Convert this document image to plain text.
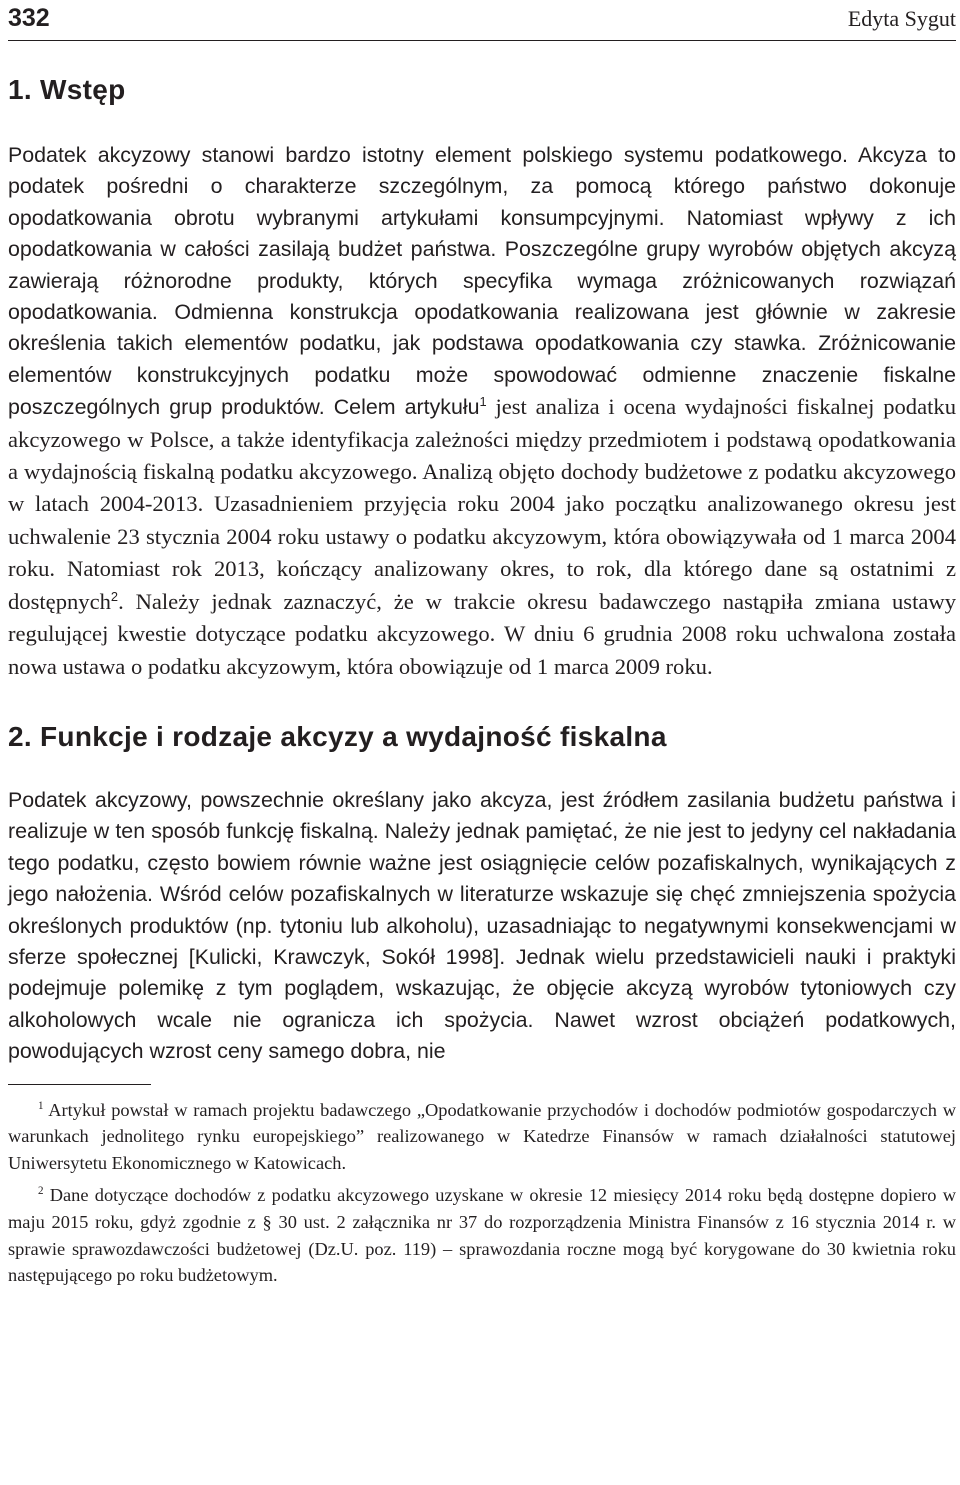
332	Edyta Sygut
1. Wstęp

Podatek akcyzowy stanowi bardzo istotny element polskiego systemu podatkowego. Akcyza to podatek pośredni o charakterze szczególnym, za pomocą którego państwo dokonuje opodatkowania obrotu wybranymi artykułami konsumpcyjnymi. Natomiast wpływy z ich opodatkowania w całości zasilają budżet państwa. Poszczególne grupy wyrobów objętych akcyzą zawierają różnorodne produkty, których specyfika wymaga zróżnicowanych rozwiązań opodatkowania. Odmienna konstrukcja opodatkowania realizowana jest głównie w zakresie określenia takich elementów podatku, jak podstawa opodatkowania czy stawka. Zróżnicowanie elementów konstrukcyjnych podatku może spowodować odmienne znaczenie fiskalne poszczególnych grup produktów. Celem artykułu$^1$ jest analiza i ocena wydajności fiskalnej podatku akcyzowego w Polsce, a także identyfikacja zależności między przedmiotem i podstawą opodatkowania a wydajnością fiskalną podatku akcyzowego. Analizą objęto dochody budżetowe z podatku akcyzowego w latach 2004-2013. Uzasadnieniem przyjęcia roku 2004 jako początku analizowanego okresu jest uchwalenie 23 stycznia 2004 roku ustawy o podatku akcyzowym, która obowiązywała od 1 marca 2004 roku. Natomiast rok 2013, kończący analizowany okres, to rok, dla którego dane są ostatnimi z dostępnych$^2$. Należy jednak zaznaczyć, że w trakcie okresu badawczego nastąpiła zmiana ustawy regulującej kwestie dotyczące podatku akcyzowego. W dniu 6 grudnia 2008 roku uchwalona została nowa ustawa o podatku akcyzowym, która obowiązuje od 1 marca 2009 roku.

2. Funkcje i rodzaje akcyzy a wydajność fiskalna

Podatek akcyzowy, powszechnie określany jako akcyza, jest źródłem zasilania budżetu państwa i realizuje w ten sposób funkcję fiskalną. Należy jednak pamiętać, że nie jest to jedyny cel nakładania tego podatku, często bowiem równie ważne jest osiągnięcie celów pozafiskalnych, wynikających z jego nałożenia. Wśród celów pozafiskalnych w literaturze wskazuje się chęć zmniejszenia spożycia określonych produktów (np. tytoniu lub alkoholu), uzasadniając to negatywnymi konsekwencjami w sferze społecznej [Kulicki, Krawczyk, Sokół 1998]. Jednak wielu przedstawicieli nauki i praktyki podejmuje polemikę z tym poglądem, wskazując, że objęcie akcyzą wyrobów tytoniowych czy alkoholowych wcale nie ogranicza ich spożycia. Nawet wzrost obciążeń podatkowych, powodujących wzrost ceny samego dobra, nie

$^1$ Artykuł powstał w ramach projektu badawczego „Opodatkowanie przychodów i dochodów podmiotów gospodarczych w warunkach jednolitego rynku europejskiego” realizowanego w Katedrze Finansów w ramach działalności statutowej Uniwersytetu Ekonomicznego w Katowicach.

$^2$ Dane dotyczące dochodów z podatku akcyzowego uzyskane w okresie 12 miesięcy 2014 roku będą dostępne dopiero w maju 2015 roku, gdyż zgodnie z § 30 ust. 2 załącznika nr 37 do rozporządzenia Ministra Finansów z 16 stycznia 2014 r. w sprawie sprawozdawczości budżetowej (Dz.U. poz. 119) – sprawozdania roczne mogą być korygowane do 30 kwietnia roku następującego po roku budżetowym.
